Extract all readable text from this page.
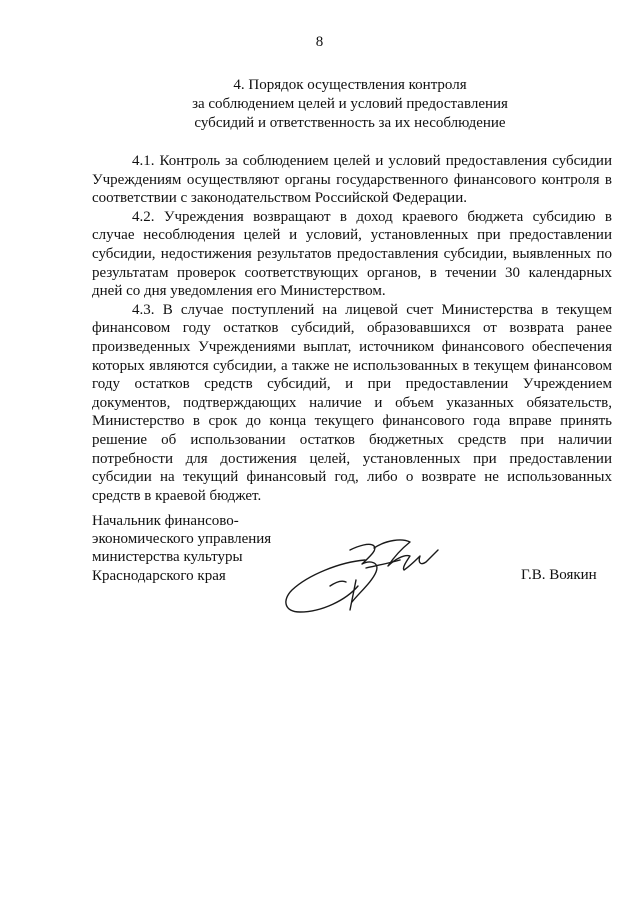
8
4. Порядок осуществления контроля
за соблюдением целей и условий предоставления
субсидий и ответственность за их несоблюдение

4.1. Контроль за соблюдением целей и условий предоставления субсидии Учреждениям осуществляют органы государственного финансового контроля в соответствии с законодательством Российской Федерации.

4.2. Учреждения возвращают в доход краевого бюджета субсидию в случае несоблюдения целей и условий, установленных при предоставлении субсидии, недостижения результатов предоставления субсидии, выявленных по результатам проверок соответствующих органов, в течении 30 календарных дней со дня уведомления его Министерством.

4.3. В случае поступлений на лицевой счет Министерства в текущем финансовом году остатков субсидий, образовавшихся от возврата ранее произведенных Учреждениями выплат, источником финансового обеспечения которых являются субсидии, а также не использованных в текущем финансовом году остатков средств субсидий, и при предоставлении Учреждением документов, подтверждающих наличие и объем указанных обязательств, Министерство в срок до конца текущего финансового года вправе принять решение об использовании остатков бюджетных средств при наличии потребности для достижения целей, установленных при предоставлении субсидии на текущий финансовый год, либо о возврате не использованных средств в краевой бюджет.

Начальник финансово-
экономического управления
министерства культуры
Краснодарского края	Г.В. Воякин
